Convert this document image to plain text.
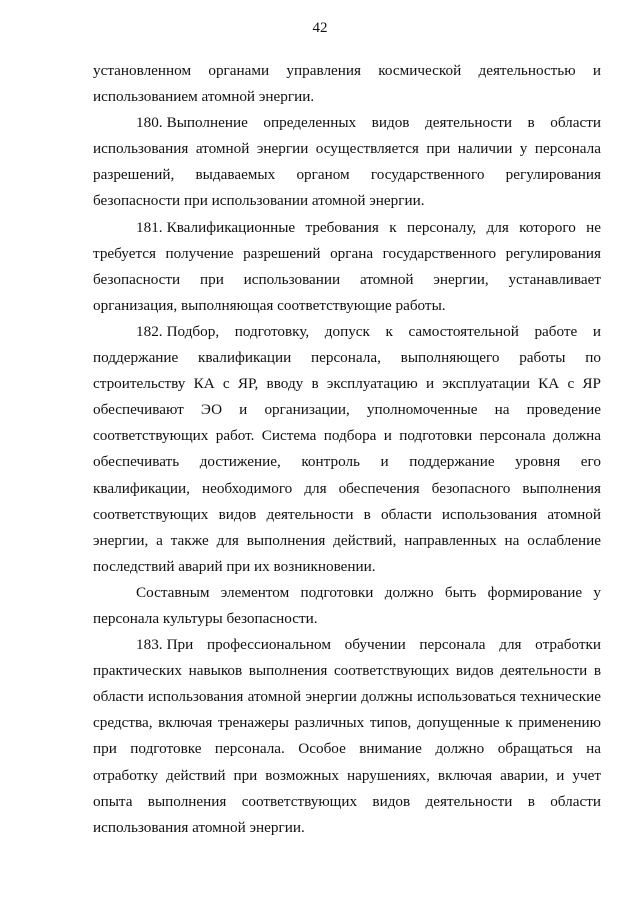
42

установленном органами управления космической деятельностью и использованием атомной энергии.

180. Выполнение определенных видов деятельности в области использования атомной энергии осуществляется при наличии у персонала разрешений, выдаваемых органом государственного регулирования безопасности при использовании атомной энергии.

181. Квалификационные требования к персоналу, для которого не требуется получение разрешений органа государственного регулирования безопасности при использовании атомной энергии, устанавливает организация, выполняющая соответствующие работы.

182. Подбор, подготовку, допуск к самостоятельной работе и поддержание квалификации персонала, выполняющего работы по строительству КА с ЯР, вводу в эксплуатацию и эксплуатации КА с ЯР обеспечивают ЭО и организации, уполномоченные на проведение соответствующих работ. Система подбора и подготовки персонала должна обеспечивать достижение, контроль и поддержание уровня его квалификации, необходимого для обеспечения безопасного выполнения соответствующих видов деятельности в области использования атомной энергии, а также для выполнения действий, направленных на ослабление последствий аварий при их возникновении.

Составным элементом подготовки должно быть формирование у персонала культуры безопасности.

183. При профессиональном обучении персонала для отработки практических навыков выполнения соответствующих видов деятельности в области использования атомной энергии должны использоваться технические средства, включая тренажеры различных типов, допущенные к применению при подготовке персонала. Особое внимание должно обращаться на отработку действий при возможных нарушениях, включая аварии, и учет опыта выполнения соответствующих видов деятельности в области использования атомной энергии.
